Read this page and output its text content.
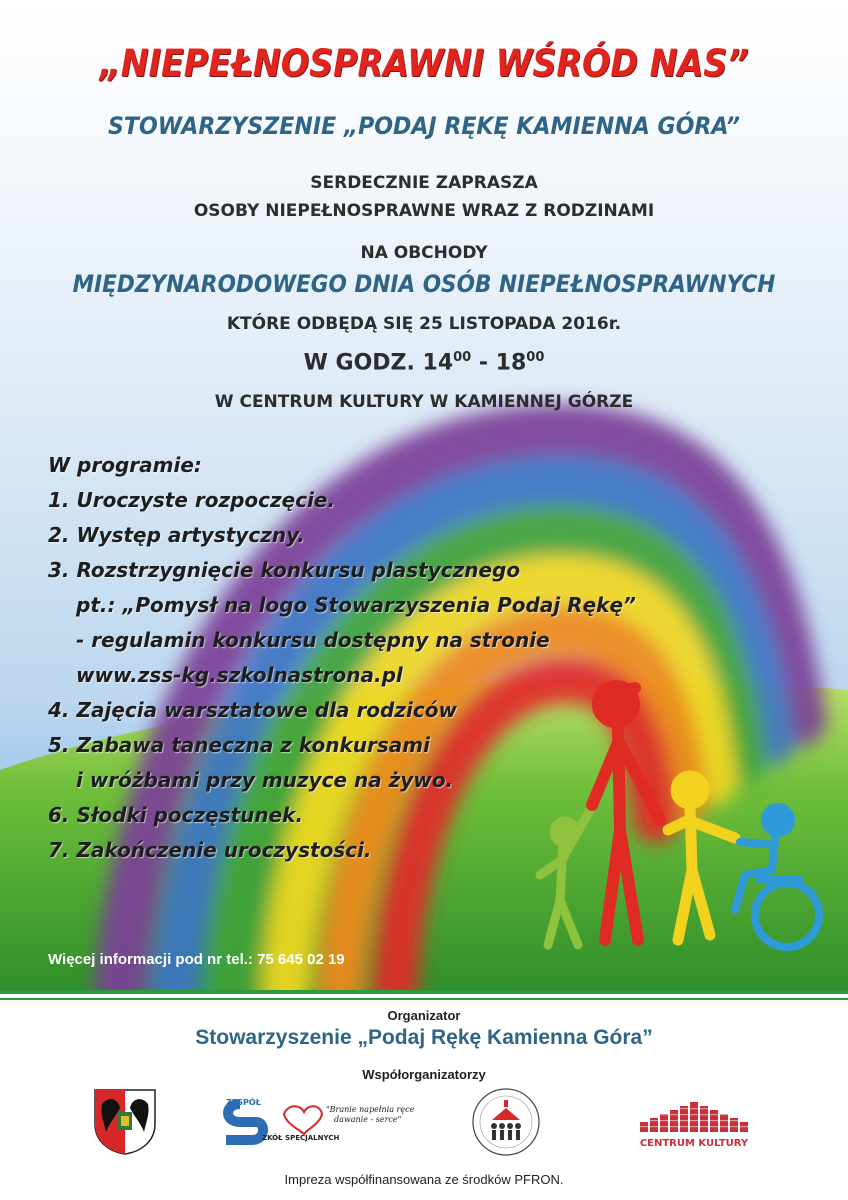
„NIEPEŁNOSPRAWNI WŚRÓD NAS”
STOWARZYSZENIE „PODAJ RĘKĘ KAMIENNA GÓRA”

SERDECZNIE ZAPRASZA

OSOBY NIEPEŁNOSPRAWNE WRAZ Z RODZINAMI

NA OBCHODY

MIĘDZYNARODOWEGO DNIA OSÓB NIEPEŁNOSPRAWNYCH

KTÓRE ODBĘDĄ SIĘ 25 LISTOPADA 2016r.

W GODZ. $14^{00} - 18^{00}$

W CENTRUM KULTURY W KAMIENNEJ GÓRZE

W programie:
1. Uroczyste rozpoczęcie.
2. Występ artystyczny.
3. Rozstrzygnięcie konkursu plastycznego
pt.: „Pomysł na logo Stowarzyszenia Podaj Rękę”
- regulamin konkursu dostępny na stronie
www.zss-kg.szkolnastrona.pl
4. Zajęcia warsztatowe dla rodziców
5. Zabawa taneczna z konkursami
i wróżbami przy muzyce na żywo.
6. Słodki poczęstunek.
7. Zakończenie uroczystości.
Więcej informacji pod nr tel.: 75 645 02 19
Organizator
Stowarzyszenie „Podaj Rękę Kamienna Góra”
Współorganizatorzy
ZESPÓŁ
ZKÓŁ SPECJALNYCH
"Branie napełnia ręce
dawanie - serce"
CENTRUM KULTURY
Impreza współfinansowana ze środków PFRON.
